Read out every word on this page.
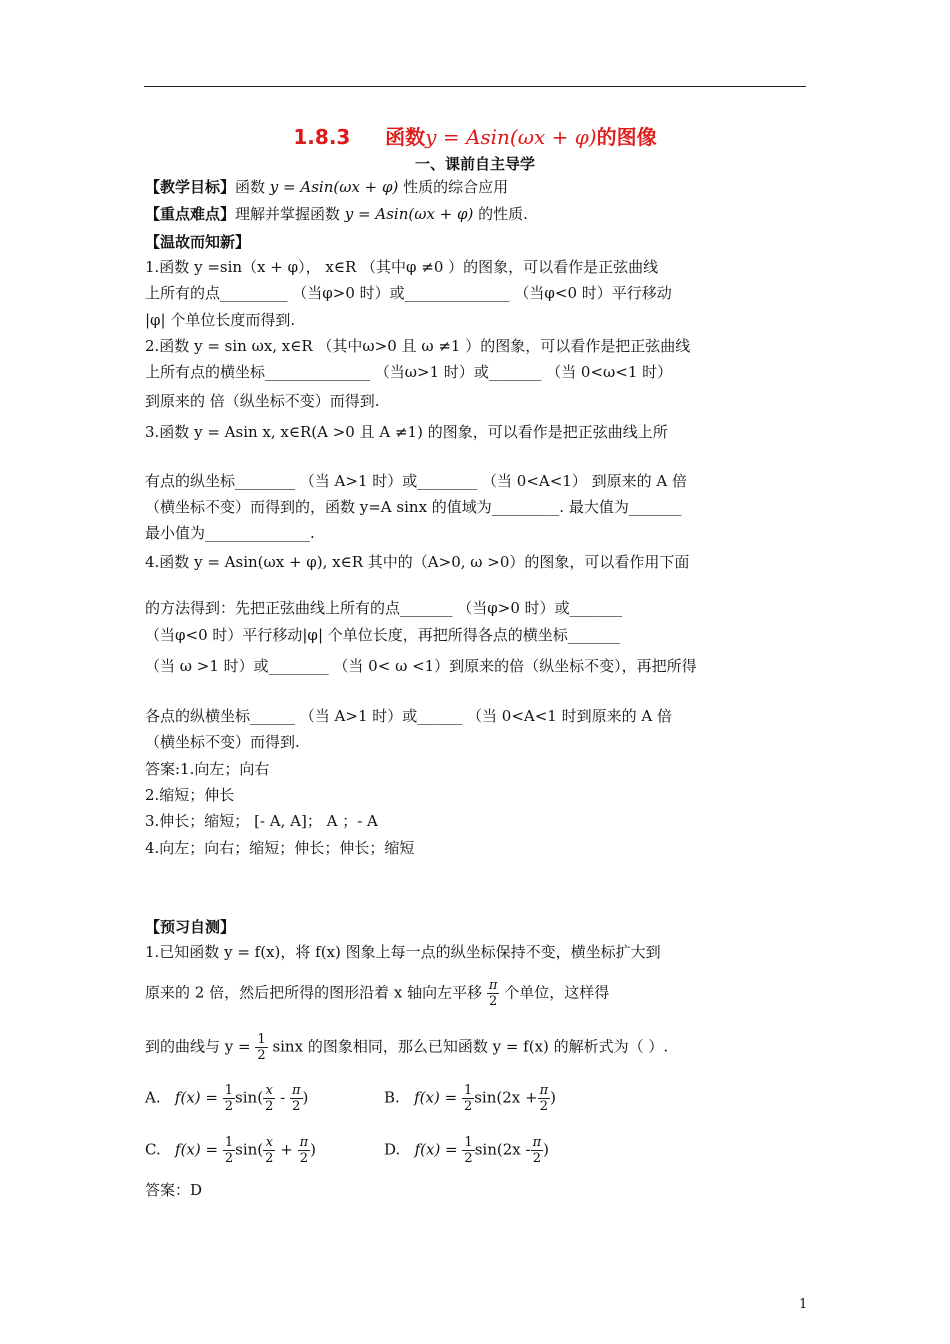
1.8.3 函数y = Asin(ωx + φ)的图像
一、课前自主导学
【教学目标】函数 y = Asin(ωx + φ) 性质的综合应用
【重点难点】理解并掌握函数 y = Asin(ωx + φ) 的性质.
【温故而知新】
1.函数 y =sin（x + φ）， x∈R （其中φ ≠0 ）的图象，可以看作是正弦曲线
上所有的点_________ （当φ>0 时）或______________ （当φ<0 时）平行移动
|φ| 个单位长度而得到.
2.函数 y = sin ωx, x∈R （其中ω>0 且 ω ≠1 ）的图象，可以看作是把正弦曲线
上所有点的横坐标______________ （当ω>1 时）或_______ （当 0<ω<1 时）
到原来的 倍（纵坐标不变）而得到.
3.函数 y = Asin x, x∈R(A >0 且 A ≠1) 的图象，可以看作是把正弦曲线上所
有点的纵坐标________ （当 A>1 时）或________ （当 0<A<1） 到原来的 A 倍
（横坐标不变）而得到的，函数 y=A sinx 的值域为_________. 最大值为_______
最小值为______________.
4.函数 y = Asin(ωx + φ), x∈R 其中的（A>0, ω >0）的图象，可以看作用下面
的方法得到：先把正弦曲线上所有的点_______ （当φ>0 时）或_______
（当φ<0 时）平行移动|φ| 个单位长度，再把所得各点的横坐标_______
（当 ω >1 时）或________ （当 0< ω <1）到原来的倍（纵坐标不变），再把所得
各点的纵横坐标______ （当 A>1 时）或______ （当 0<A<1 时到原来的 A 倍
（横坐标不变）而得到.
答案:1.向左；向右
2.缩短；伸长
3.伸长；缩短； [- A, A]； A ；- A
4.向左；向右；缩短；伸长；伸长；缩短
【预习自测】
1.已知函数 y = f(x)，将 f(x) 图象上每一点的纵坐标保持不变，横坐标扩大到
原来的 2 倍，然后把所得的图形沿着 x 轴向左平移 $\frac{\pi}{2}$ 个单位，这样得
到的曲线与 $y = \frac{1}{2}$ sinx 的图象相同，那么已知函数 y = f(x) 的解析式为（ ）.
A. $f(x) = \frac{1}{2} \sin( \frac{x}{2} - \frac{\pi}{2}$ )	B. $f(x) = \frac{1}{2} \sin(2x + \frac{\pi}{2}$ )
C. $f(x) = \frac{1}{2} \sin( \frac{x}{2} + \frac{\pi}{2}$ )	D. $f(x) = \frac{1}{2} \sin(2x - \frac{\pi}{2}$ )
答案：D
1
